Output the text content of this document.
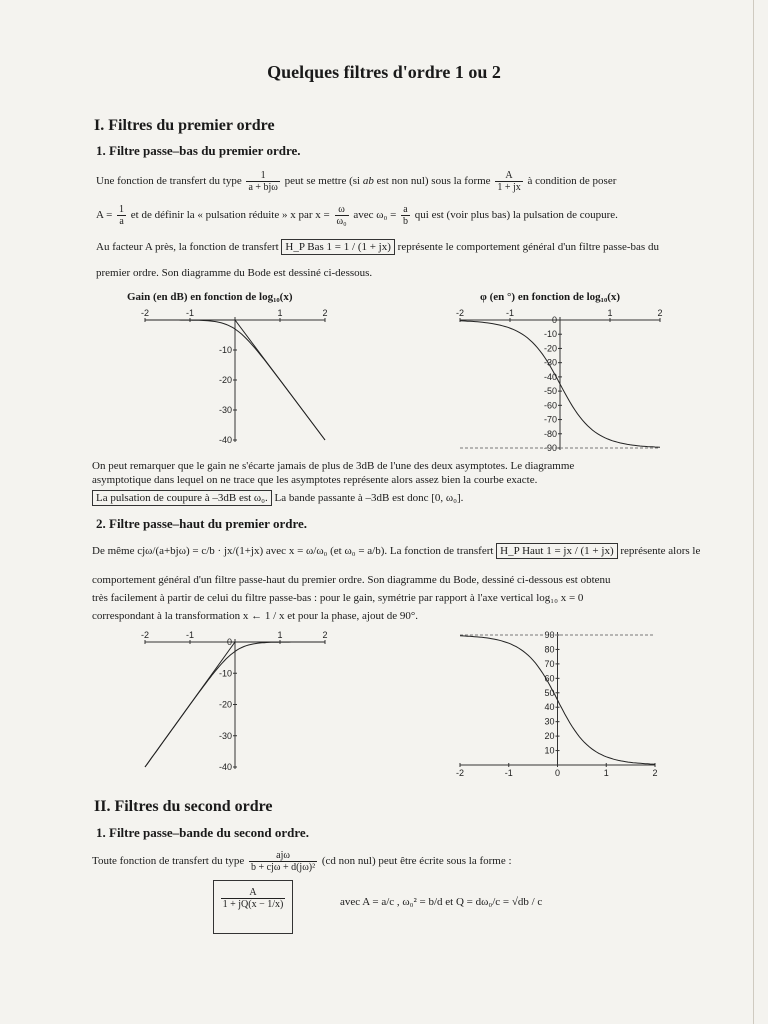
Quelques filtres d'ordre 1 ou 2
I. Filtres du premier ordre
1. Filtre passe–bas du premier ordre.
Une fonction de transfert du type $\frac{1}{\text{a + bjω}}$ peut se mettre (si ab est non nul) sous la forme $\frac{A}{1 + jx}$ à condition de poser
$A = \frac{1}{a}$ et de définir la « pulsation réduite » x par $x = \frac{\omega}{\text{ω₀}}$ avec $\omega_0 = \frac{a}{b}$ qui est (voir plus bas) la pulsation de coupure.
Au facteur A près, la fonction de transfert H_P Bas 1 = 1 / (1 + jx) représente le comportement général d'un filtre passe-bas du
premier ordre. Son diagramme du Bode est dessiné ci-dessous.
Gain (en dB) en fonction de log₁₀(x)	φ (en °) en fonction de log₁₀(x)
-2	-1	1	2
-10
-20
-30
-40
-2	-1	1	2
0
-10
-20
-30
-40
-50
-60
-70
-80
-90
On peut remarquer que le gain ne s'écarte jamais de plus de 3dB de l'une des deux asymptotes. Le diagramme
asymptotique dans lequel on ne trace que les asymptotes représente alors assez bien la courbe exacte.
La pulsation de coupure à –3dB est ω₀. La bande passante à –3dB est donc [0, ω₀].
2. Filtre passe–haut du premier ordre.
De même cjω/(a+bjω) = c/b · jx/(1+jx) avec x = ω/ω₀ (et ω₀ = a/b). La fonction de transfert H_P Haut 1 = jx / (1 + jx) représente alors le
comportement général d'un filtre passe-haut du premier ordre. Son diagramme du Bode, dessiné ci-dessous est obtenu
très facilement à partir de celui du filtre passe-bas : pour le gain, symétrie par rapport à l'axe vertical log₁₀ x = 0
correspondant à la transformation x ← 1 / x et pour la phase, ajout de 90°.
-2	-1	1	2
0
-10
-20
-30
-40
-2	-1	0	1	2
90
80
70
60
50
40
30
20
10
II. Filtres du second ordre
1. Filtre passe–bande du second ordre.
Toute fonction de transfert du type $\frac{\text{ajω}}{\text{b + cjω + d(jω)²}} (cd$ non nul) peut être écrite sous la forme :
$\frac{A}{1 + jQ(x - 1/x)}$	avec A = a/c , ω₀² = b/d et Q = dω₀/c = √db / c
